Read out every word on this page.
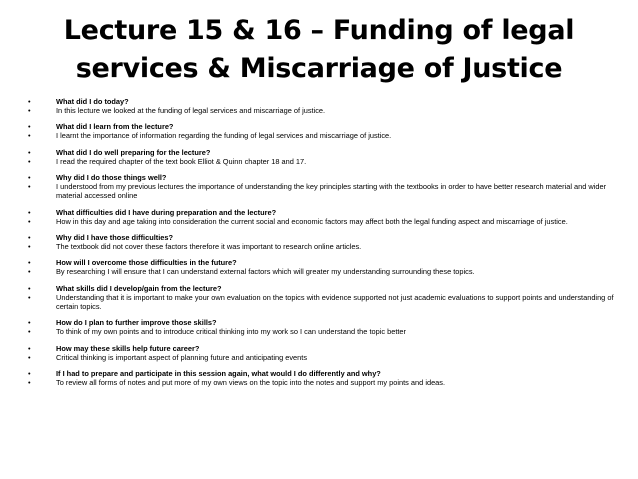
Lecture 15 & 16 – Funding of legal
services & Miscarriage of Justice
•	What did I do today?
•	In this lecture we looked at the funding of legal services and miscarriage of justice.
•	What did I learn from the lecture?
•	I learnt the importance of information regarding the funding of legal services and miscarriage of justice.
•	What did I do well preparing for the lecture?
•	I read the required chapter of the text book Elliot & Quinn chapter 18 and 17.
•	Why did I do those things well?
•	I understood from my previous lectures the importance of understanding the key principles starting with the textbooks in order to have better research material and wider material accessed online
•	What difficulties did I have during preparation and the lecture?
•	How in this day and age taking into consideration the current social and economic factors may affect both the legal funding aspect and miscarriage of justice.
•	Why did I have those difficulties?
•	The textbook did not cover these factors therefore it was important to research online articles.
•	How will I overcome those difficulties in the future?
•	By researching I will ensure that I can understand external factors which will greater my understanding surrounding these topics.
•	What skills did I develop/gain from the lecture?
•	Understanding that it is important to make your own evaluation on the topics with evidence supported not just academic evaluations to support points and understanding of certain topics.
•	How do I plan to further improve those skills?
•	To think of my own points and to introduce critical thinking into my work so I can understand the topic better
•	How may these skills help future career?
•	Critical thinking is important aspect of planning future and anticipating events
•	If I had to prepare and participate in this session again, what would I do differently and why?
•	To review all forms of notes and put more of my own views on the topic into the notes and support my points and ideas.
